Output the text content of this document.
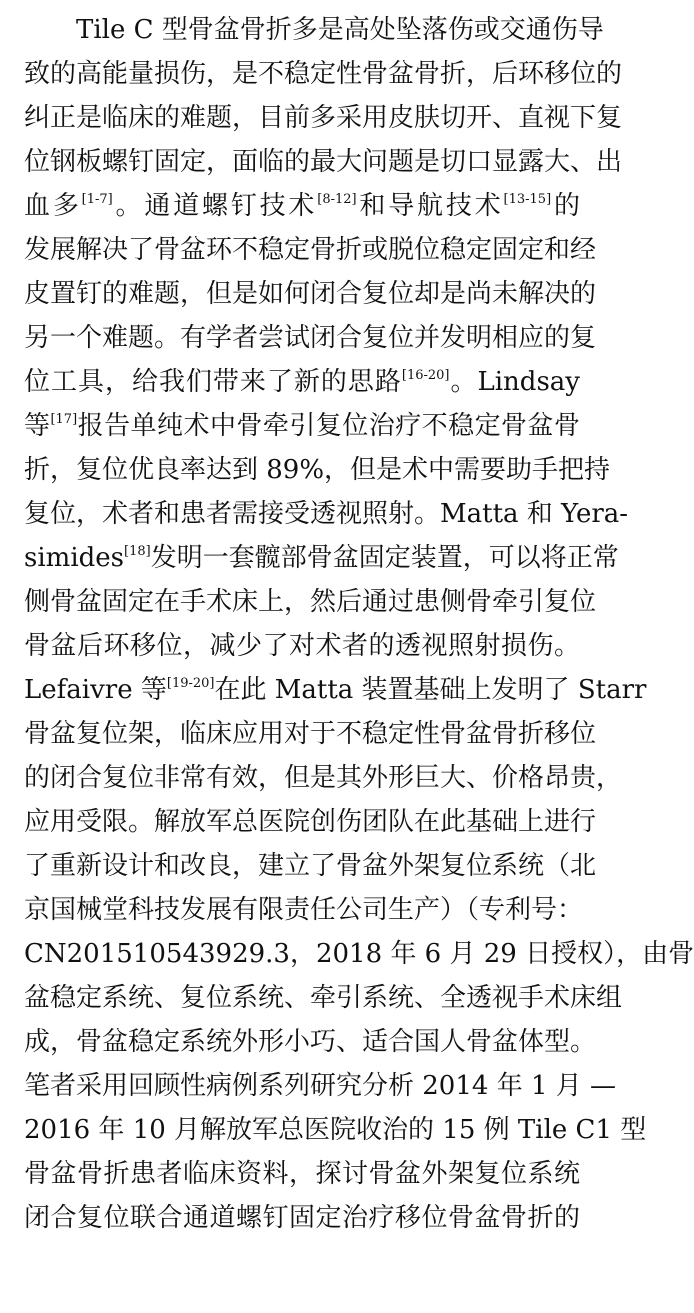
Tile C 型骨盆骨折多是高处坠落伤或交通伤导
致的高能量损伤，是不稳定性骨盆骨折，后环移位的
纠正是临床的难题，目前多采用皮肤切开、直视下复
位钢板螺钉固定，面临的最大问题是切口显露大、出
血多[1-7]。通道螺钉技术[8-12]和导航技术[13-15]的
发展解决了骨盆环不稳定骨折或脱位稳定固定和经
皮置钉的难题，但是如何闭合复位却是尚未解决的
另一个难题。有学者尝试闭合复位并发明相应的复
位工具，给我们带来了新的思路[16-20]。Lindsay
等[17]报告单纯术中骨牵引复位治疗不稳定骨盆骨
折，复位优良率达到 89%，但是术中需要助手把持
复位，术者和患者需接受透视照射。Matta 和 Yera-
simides[18]发明一套髋部骨盆固定装置，可以将正常
侧骨盆固定在手术床上，然后通过患侧骨牵引复位
骨盆后环移位，减少了对术者的透视照射损伤。
Lefaivre 等[19-20]在此 Matta 装置基础上发明了 Starr
骨盆复位架，临床应用对于不稳定性骨盆骨折移位
的闭合复位非常有效，但是其外形巨大、价格昂贵，
应用受限。解放军总医院创伤团队在此基础上进行
了重新设计和改良，建立了骨盆外架复位系统（北
京国械堂科技发展有限责任公司生产）（专利号：
CN201510543929.3，2018 年 6 月 29 日授权），由骨
盆稳定系统、复位系统、牵引系统、全透视手术床组
成，骨盆稳定系统外形小巧、适合国人骨盆体型。
笔者采用回顾性病例系列研究分析 2014 年 1 月 —
2016 年 10 月解放军总医院收治的 15 例 Tile C1 型
骨盆骨折患者临床资料，探讨骨盆外架复位系统
闭合复位联合通道螺钉固定治疗移位骨盆骨折的
